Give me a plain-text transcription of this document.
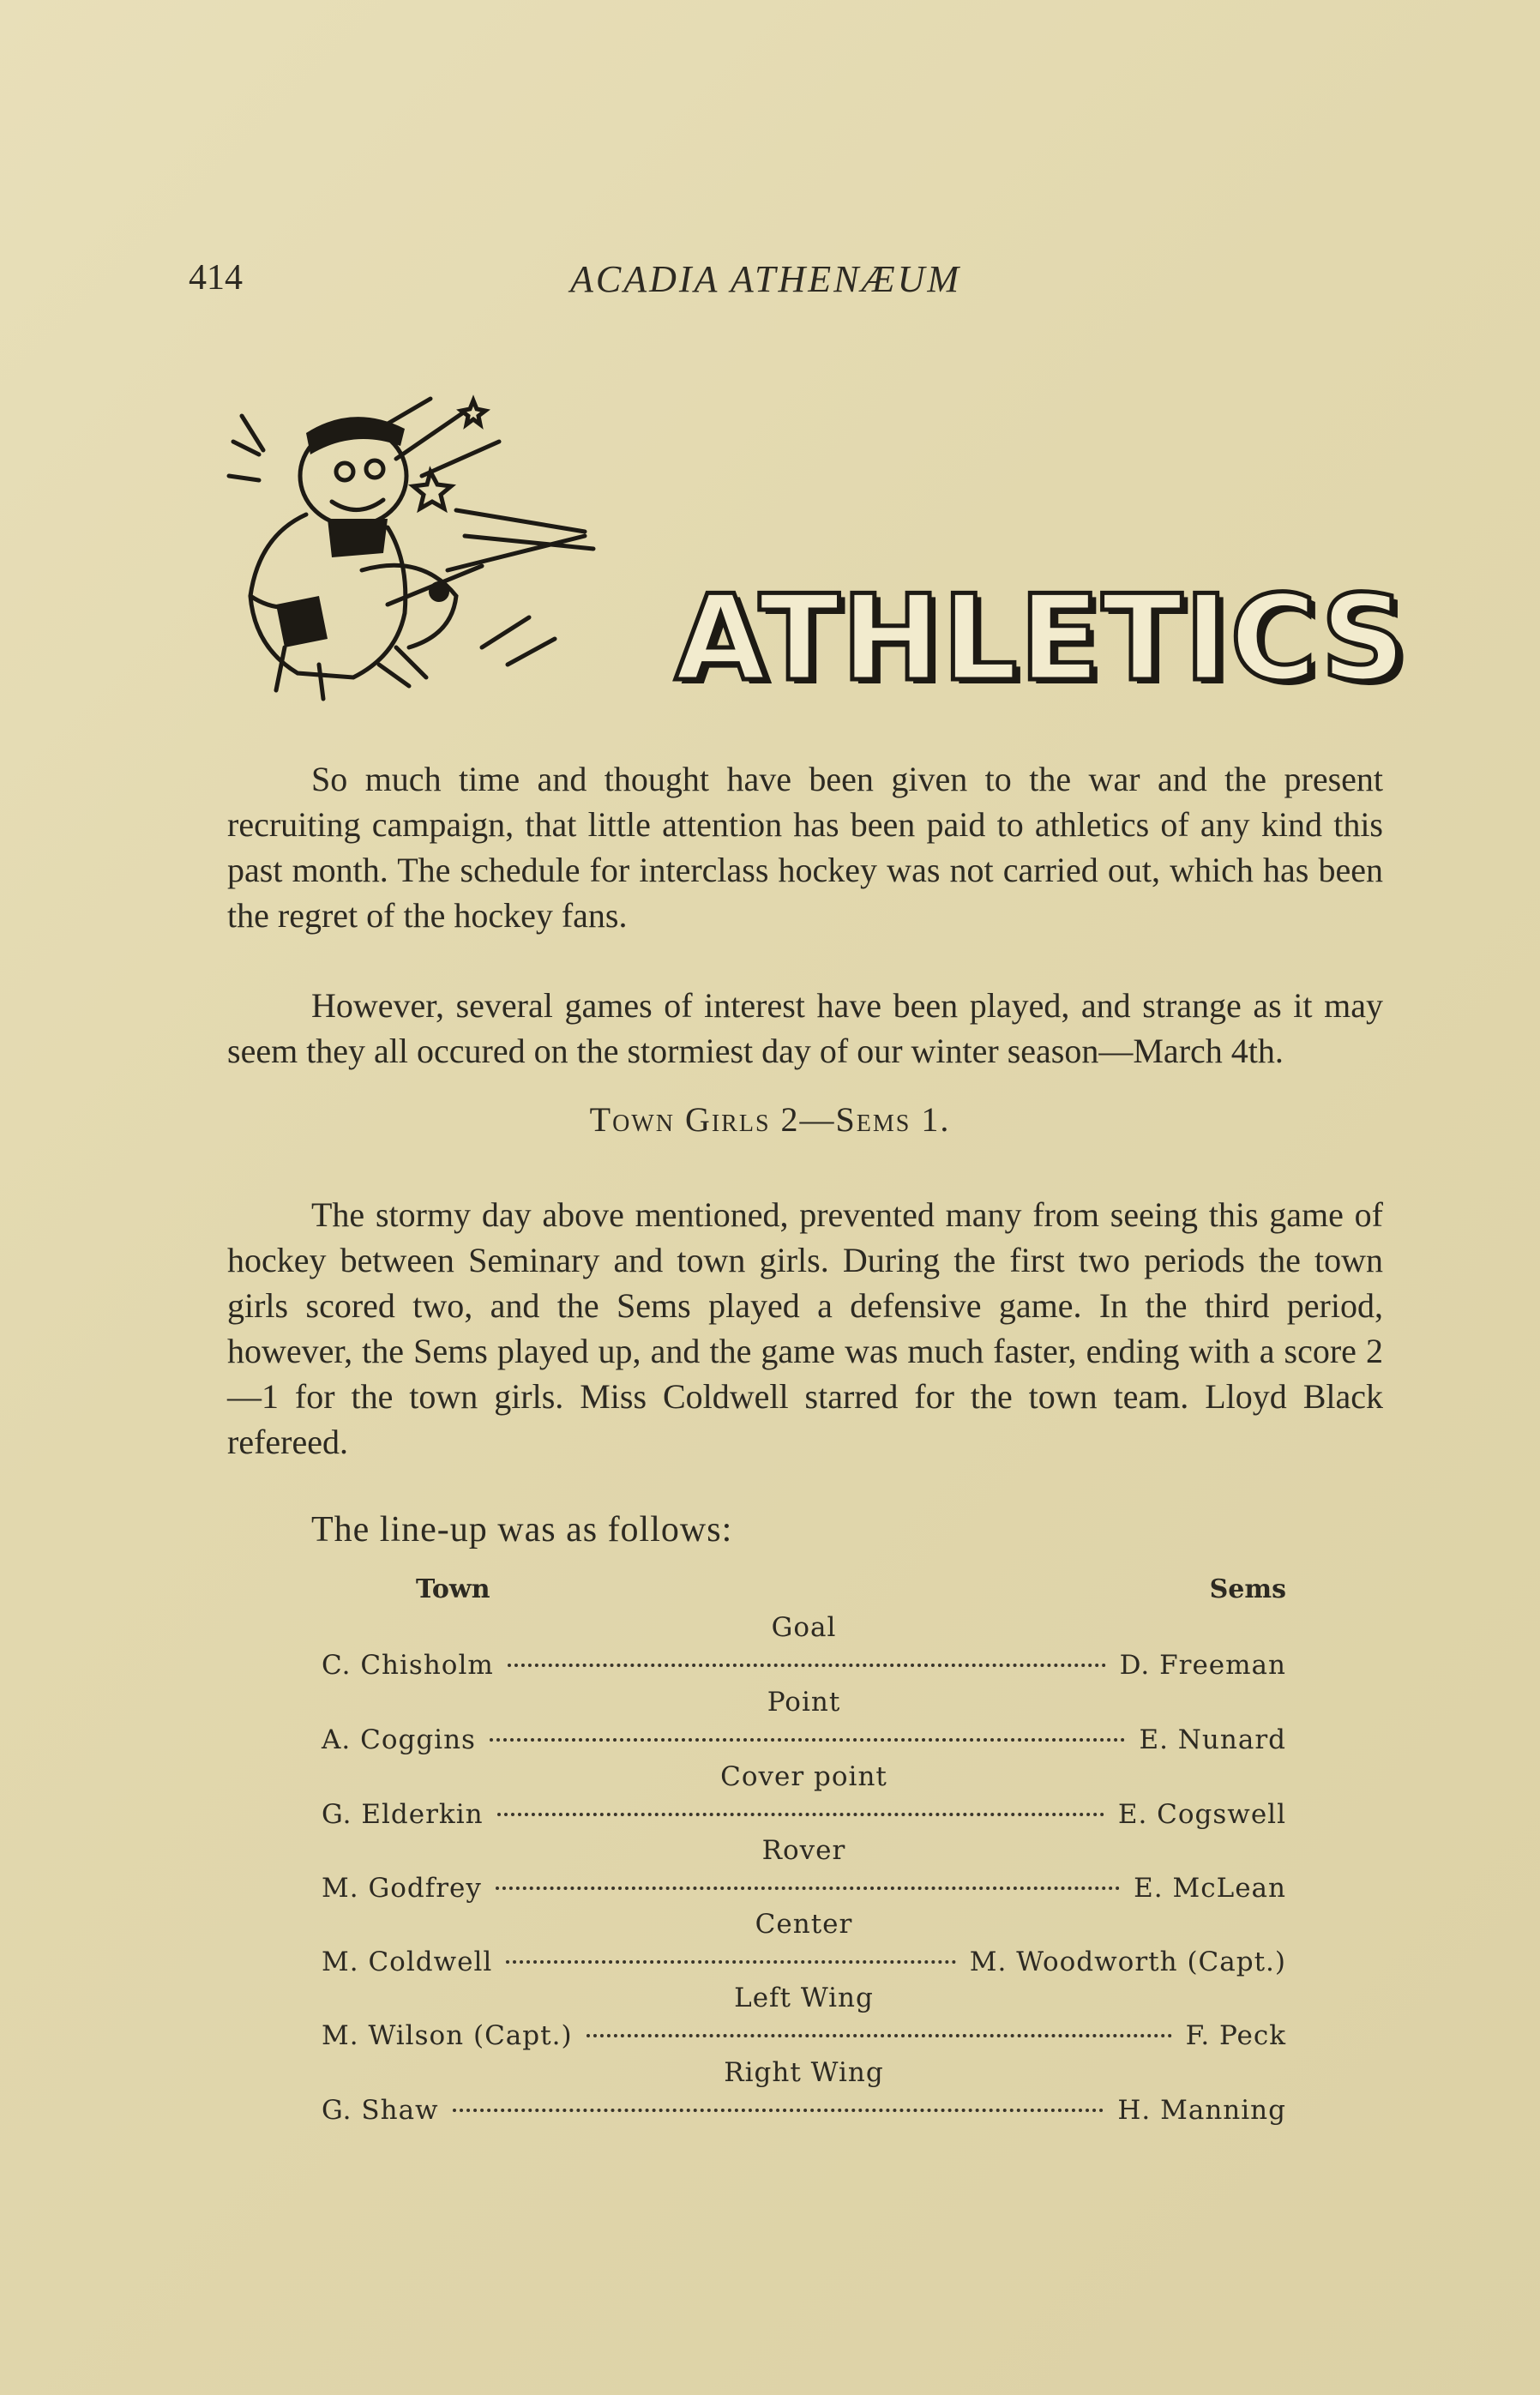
414	ACADIA ATHENÆUM
ATHLETICS

So much time and thought have been given to the war and the present recruiting campaign, that little attention has been paid to athletics of any kind this past month. The schedule for interclass hockey was not carried out, which has been the regret of the hockey fans.

However, several games of interest have been played, and strange as it may seem they all occured on the stormiest day of our winter season—March 4th.

Town Girls 2—Sems 1.

The stormy day above mentioned, prevented many from seeing this game of hockey between Seminary and town girls. During the first two periods the town girls scored two, and the Sems played a defensive game. In the third period, however, the Sems played up, and the game was much faster, ending with a score 2—1 for the town girls. Miss Coldwell starred for the town team. Lloyd Black refereed.

The line-up was as follows:
Town	Sems
Goal
C. Chisholm	D. Freeman
Point
A. Coggins	E. Nunard
Cover point
G. Elderkin	E. Cogswell
Rover
M. Godfrey	E. McLean
Center
M. Coldwell	M. Woodworth (Capt.)
Left Wing
M. Wilson (Capt.)	F. Peck
Right Wing
G. Shaw	H. Manning
